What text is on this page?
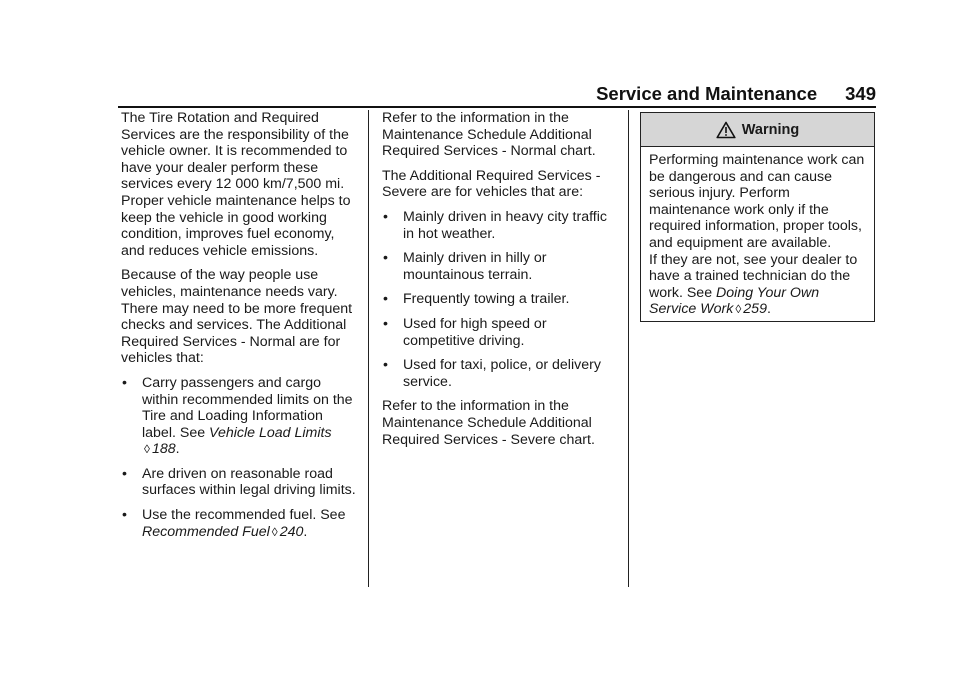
Service and Maintenance 349

The Tire Rotation and Required Services are the responsibility of the vehicle owner. It is recommended to have your dealer perform these services every 12 000 km/7,500 mi. Proper vehicle maintenance helps to keep the vehicle in good working condition, improves fuel economy, and reduces vehicle emissions.

Because of the way people use vehicles, maintenance needs vary. There may need to be more frequent checks and services. The Additional Required Services - Normal are for vehicles that:

•	Carry passengers and cargo within recommended limits on the Tire and Loading Information label. See Vehicle Load Limits
◊ 188.
•	Are driven on reasonable road surfaces within legal driving limits.
•	Use the recommended fuel. See
Recommended Fuel ◊ 240.

Refer to the information in the Maintenance Schedule Additional Required Services - Normal chart.

The Additional Required Services - Severe are for vehicles that are:

•	Mainly driven in heavy city traffic in hot weather.
•	Mainly driven in hilly or mountainous terrain.
•	Frequently towing a trailer.
•	Used for high speed or competitive driving.
•	Used for taxi, police, or delivery service.

Refer to the information in the Maintenance Schedule Additional Required Services - Severe chart.

Warning

Performing maintenance work can be dangerous and can cause serious injury. Perform maintenance work only if the required information, proper tools, and equipment are available.

If they are not, see your dealer to have a trained technician do the work. See Doing Your Own Service Work ◊ 259.
